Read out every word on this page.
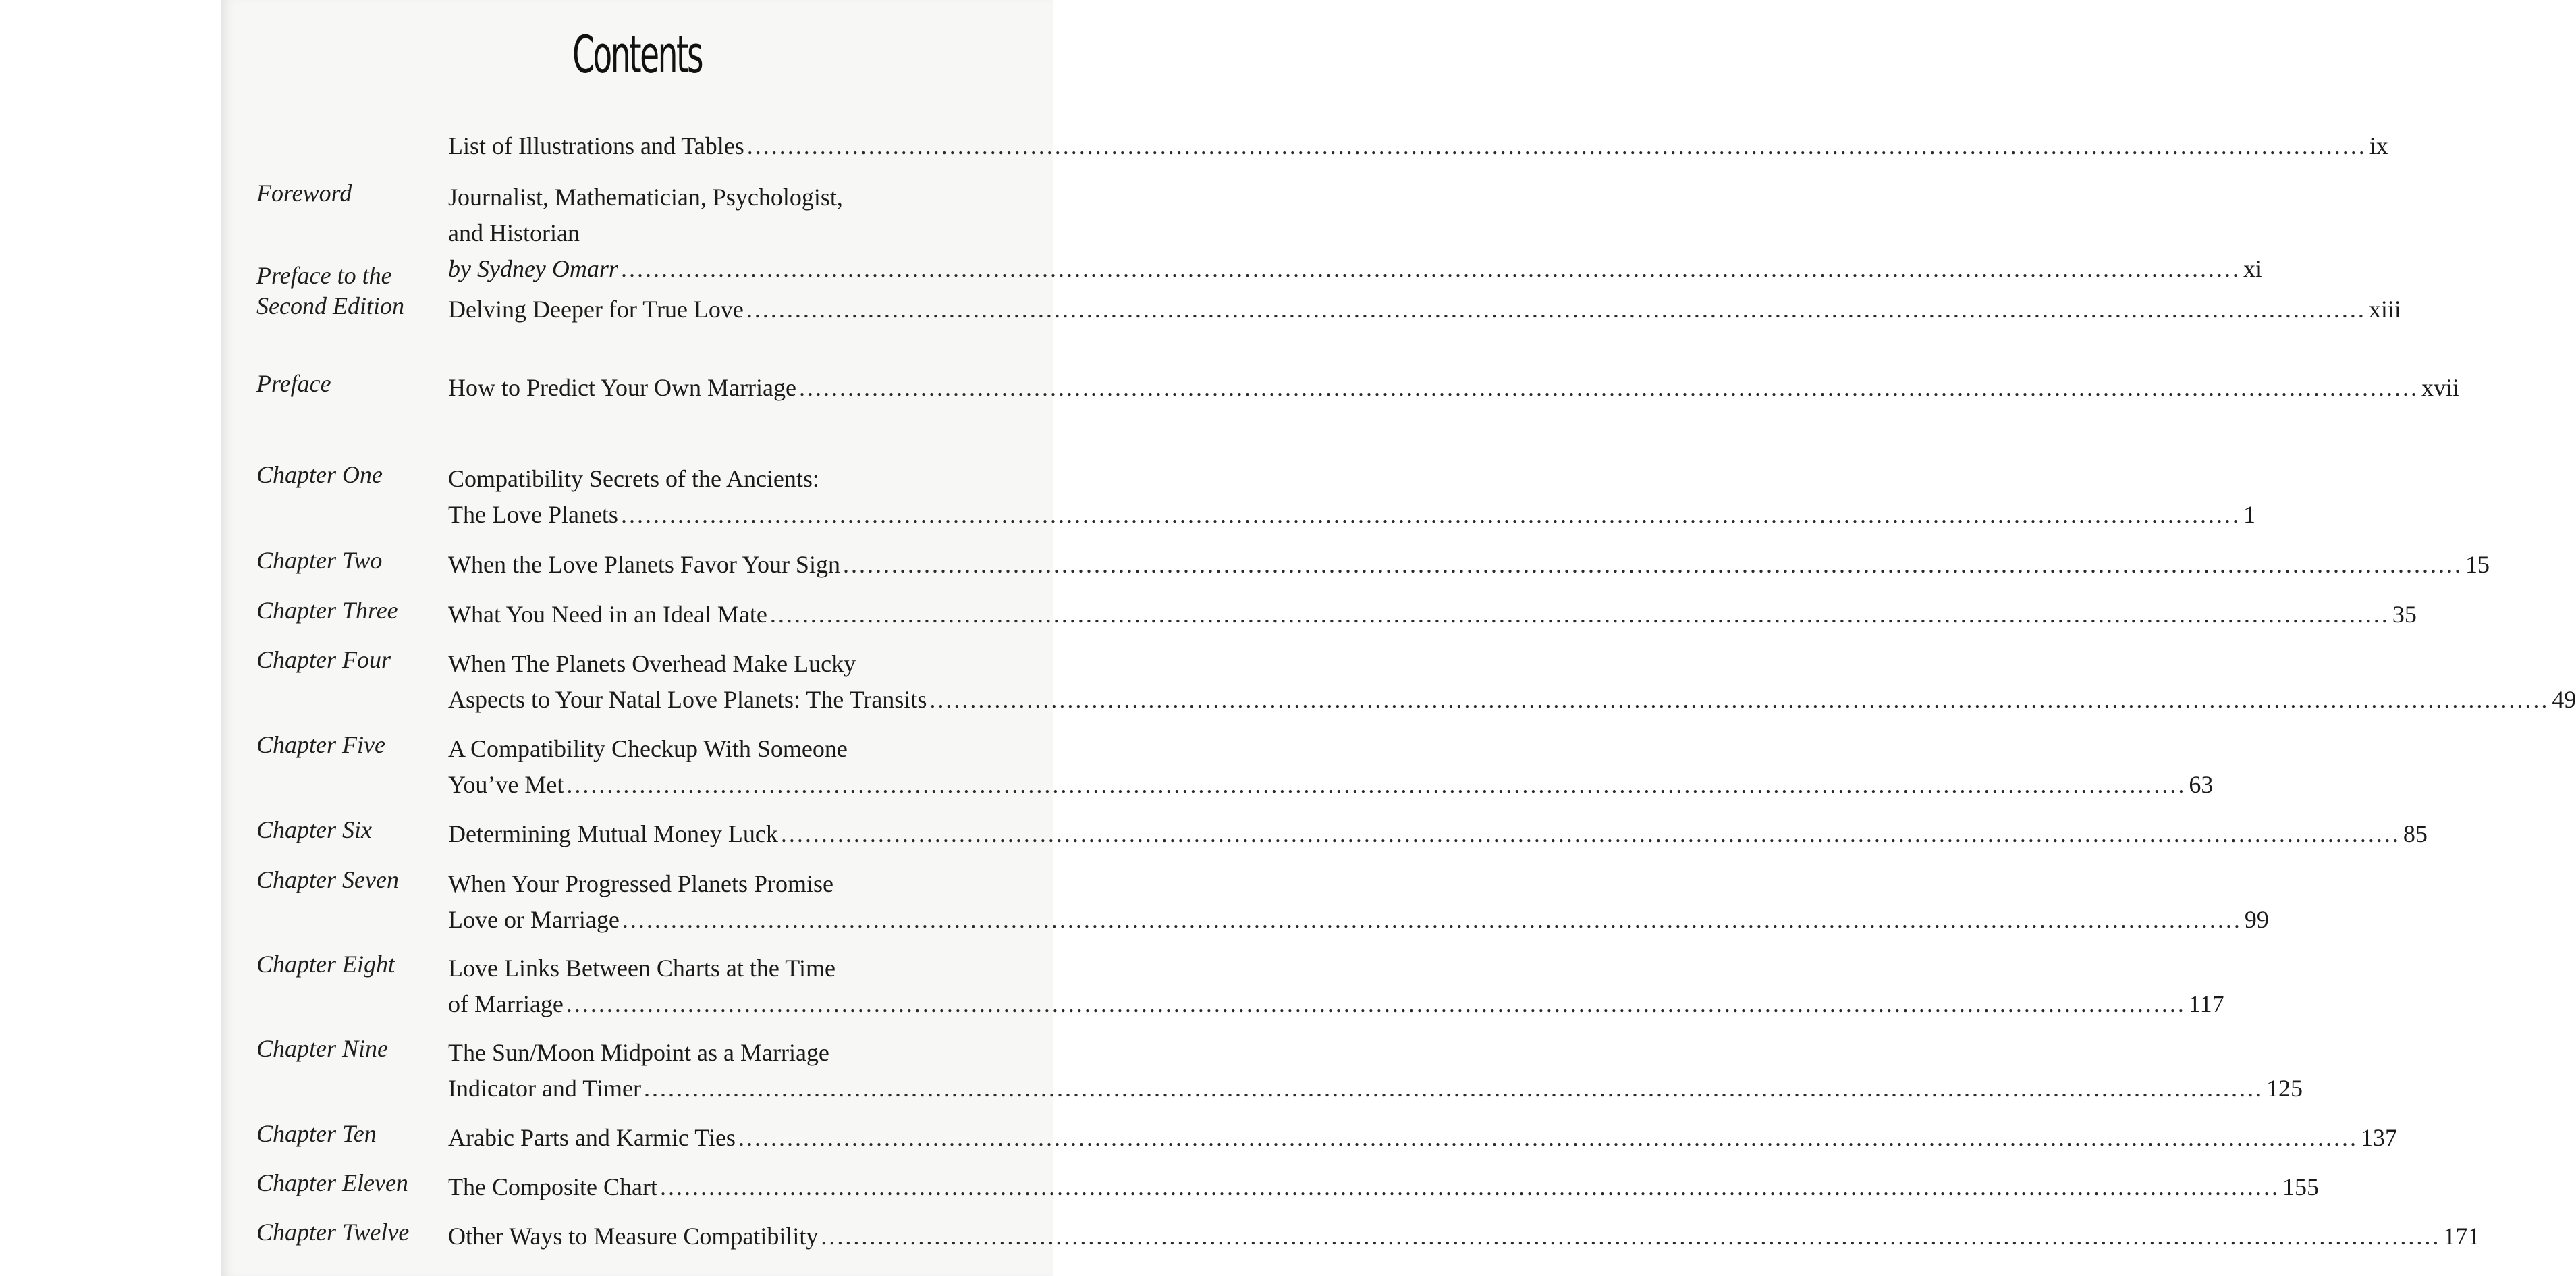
Contents
List of Illustrations and Tables ........................................................................................................................................................................................................ ix
Foreword	Journalist, Mathematician, Psychologist,
and Historian
by Sydney Omarr ........................................................................................................................................................................................................ xi
Preface to the Second Edition	Delving Deeper for True Love ........................................................................................................................................................................................................ xiii
Preface	How to Predict Your Own Marriage ........................................................................................................................................................................................................ xvii
Chapter One	Compatibility Secrets of the Ancients:
The Love Planets ........................................................................................................................................................................................................ 1
Chapter Two	When the Love Planets Favor Your Sign ........................................................................................................................................................................................................ 15
Chapter Three	What You Need in an Ideal Mate ........................................................................................................................................................................................................ 35
Chapter Four	When The Planets Overhead Make Lucky
Aspects to Your Natal Love Planets: The Transits ........................................................................................................................................................................................................ 49
Chapter Five	A Compatibility Checkup With Someone
You’ve Met ........................................................................................................................................................................................................ 63
Chapter Six	Determining Mutual Money Luck ........................................................................................................................................................................................................ 85
Chapter Seven	When Your Progressed Planets Promise
Love or Marriage ........................................................................................................................................................................................................ 99
Chapter Eight	Love Links Between Charts at the Time
of Marriage ........................................................................................................................................................................................................ 117
Chapter Nine	The Sun/Moon Midpoint as a Marriage
Indicator and Timer ........................................................................................................................................................................................................ 125
Chapter Ten	Arabic Parts and Karmic Ties ........................................................................................................................................................................................................ 137
Chapter Eleven	The Composite Chart ........................................................................................................................................................................................................ 155
Chapter Twelve	Other Ways to Measure Compatibility ........................................................................................................................................................................................................ 171
